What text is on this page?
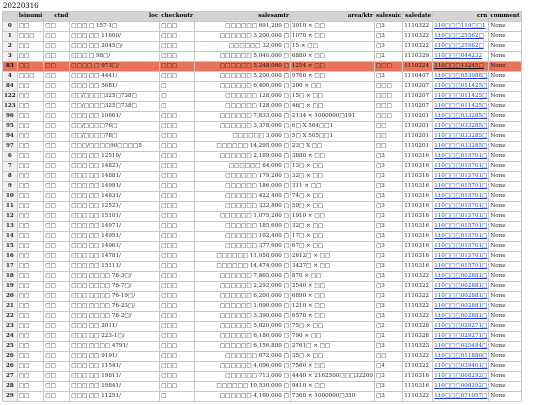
20220316
	lsinumi	ctnd	loc	checkoutr	salesamtr	area/ktr	salesuic	saledate	crn	comment
0	□□	□□	□□□ □ 157-1□	□□□	□□□□□□ 691,200 □	3910 × □□	□3	1110322	110□□□119□□1	None
1	□□□	□□	□□□ □□ 11600/	□□□	□□□□□□ 3,200,000 □	1070 × □□	□3	1110322	110□□□25562□	None
2	□□	□□	□□□ □□ 2045□/	□□□	□□□□□□ 32,000 □	15 × □□	□3	1110322	110□□□25562□	None
3	□□	□□	□□□ □ 98□/	□□□	□□□□□□ 5,040,000 □	6880 × □□	□2	1110329	110□□□044232	None
83	□□	□□	□□□□ □ 973□/	□□□	□□□□□□ 5,248,000 □	1254 × □□	□□□	1110224	110□□□13245□	None
4	□□□	□□	□□□ □□ 4441/	□□□	□□□□□□ 5,200,000 □	9760 × □□	□3	1110407	110□□□053988□	None
84	□□	□□	□□□ □□ 5681/	□	□□□□□□ 6,400,000 □	200 × □□	□□□	1110207	110□□□011425□	None
122	□□	□□	□□/□□□□325□738□	□	□□□□□□ 128,000 □	15□ × □□	□□□	1110207	110□□□011425□	None
123	□□	□□	□□/□□□□325□738□	□	□□□□□□ 128,000 □	46□ × □□	□□□	1110207	110□□□011425□	None
96	□□	□□	□□□ □□ 10661/	□□□	□□□□□□ 7,833,000 □	2134 × 1000000□191	□□□	1110201	110□□□033285□	None
95	□□	□□	□□/□□□□76□	□□□	□□□□□□ 3,378,000 □	6□ X 564□□1	□□	1110201	110□□□033285□	None
94	□□	□□	□□/□□□□78□	□□□	□□□□□□ 3,000 □	5□ X 505□□1	□□	1110201	110□□□033285□	None
97	□□	□□	□□□/□□□□90□□□□5	□□□	□□□□□□ 14,295,000 □	23□ X □□	□□	1110201	110□□□033285□	None
6	□□	□□	□□□ □□ 12510/	□□□	□□□□□□ 2,189,000 □	3880 × □□	□3	1110316	110□□□015701□	None
7	□□	□□	□□□ □□ 14821/	□□□	□□□□□□ 64,000 □	13□ × □□	□3	1110316	110□□□015701□	None
8	□□	□□	□□□ □□ 14881/	□□□	□□□□□□ 179,200 □	32□ × □□	□3	1110316	110□□□015701□	None
9	□□	□□	□□□ □□ 14991/	□□□	□□□□□□ 186,000 □	311 × □□	□3	1110316	110□□□015701□	None
10	□□	□□	□□□ □□ 14831/	□□□	□□□□□□ 422,400 □	74□ × □□	□3	1110316	110□□□015701□	None
11	□□	□□	□□□ □□ 12521/	□□□	□□□□□□ 332,800 □	59□ × □□	□3	1110316	110□□□015701□	None
12	□□	□□	□□□ □□ 15101/	□□□	□□□□□□ 1,075,200 □	1910 × □□	□3	1110316	110□□□015701□	None
13	□□	□□	□□□ □□ 14971/	□□□	□□□□□□ 185,600 □	32□ × □□	□3	1110316	110□□□015701□	None
14	□□	□□	□□□ □□ 14951/	□□□	□□□□□□ 102,400 □	17□ × □□	□3	1110316	110□□□015701□	None
15	□□	□□	□□□ □□ 14961/	□□□	□□□□□□ 377,600 □	67□ × □□	□3	1110316	110□□□015701□	None
16	□□	□□	□□□ □□ 14781/	□□□	□□□□□□ 11,058,000 □	2612□ × □□	□3	1110316	110□□□015701□	None
17	□□	□□	□□□ □□ 15111/	□□□	□□□□□□ 14,474,000 □	3427□ × □□	□3	1110316	110□□□015701□	None
18	□□	□□	□□□ □□□□ 78-3□/	□□□	□□□□□□ 7,865,000 □	870 × □□	□3	1110322	110□□□002881□	None
19	□□	□□	□□□ □□□□ 76-7□/	□□□	□□□□□□ 2,292,000 □	2540 × □□	□3	1110322	110□□□002881□	None
20	□□	□□	□□□ □□□□ 76-19□/	□□□	□□□□□□ 6,200,000 □	6890 × □□	□3	1110322	110□□□002881□	None
21	□□	□□	□□□ □□□□ 76-23□/	□□□	□□□□□□ 1,090,000 □	1210 × □□	□3	1110322	110□□□002881□	None
22	□□	□□	□□□ □□□□ 78-2□/	□□□	□□□□□□ 3,390,000 □	6570 × □□	□3	1110322	110□□□002881□	None
23	□□	□□	□□□ □□ 2011/	□□□	□□□□□□ 5,820,000 □	75□ × □□	□2	1110328	110□□□029271□	None
24	□□	□□	□□□ □□ 223-1□/	□□□	□□□□□□ 6,180,000 □	790 × □□	□2	1110328	110□□□029271□	None
25	□□	□□	□□□ □□□□ 4791/	□□□	□□□□□□ 6,156,800 □	2761□ × □□	□3	1110323	110□□□025484□	None
26	□□	□□	□□□ □□ 9191/	□□□	□□□□□□ 672,000 □	35□ × □□	□□	1110322	110□□□011880□	None
26	□□	□□	□□□ □□ 11541/	□□□	□□□□□□ 4,096,000 □	7560 × □□	□4	1110322	110□□□039401□	None
27	□□	□□	□□□ □□ 19811/	□□□	□□□□□□ 713,000 □	4440 × 2162500□□□32200	□3	1110316	110□□□008292□	None
28	□□	□□	□□□ □□ 19841/	□□□	□□□□□□ 10,530,000 □	9410 × □□	□3	1110316	110□□□008292□	None
29	□□	□□	□□□ □□ 11251/	□	□□□□□□ 4,160,000 □	7360 × 1000000□350	□3	1110322	110□□□071057□	None
